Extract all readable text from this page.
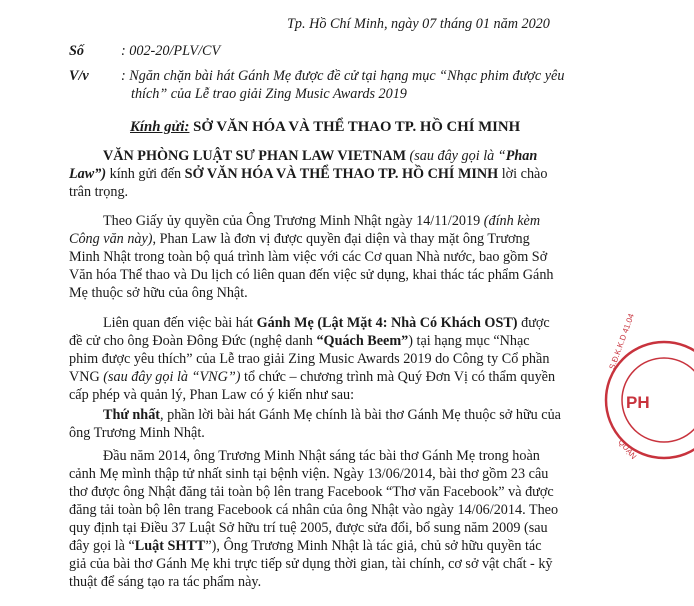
Tp. Hồ Chí Minh, ngày 07 tháng 01 năm 2020
Số	: 002-20/PLV/CV
V/v : Ngăn chặn bài hát Gánh Mẹ được đề cử tại hạng mục “Nhạc phim được yêu
thích” của Lễ trao giải Zing Music Awards 2019
Kính gửi: SỞ VĂN HÓA VÀ THỂ THAO TP. HỒ CHÍ MINH
VĂN PHÒNG LUẬT SƯ PHAN LAW VIETNAM (sau đây gọi là “Phan
Law”) kính gửi đến SỞ VĂN HÓA VÀ THỂ THAO TP. HỒ CHÍ MINH lời chào
trân trọng.
Theo Giấy ủy quyền của Ông Trương Minh Nhật ngày 14/11/2019 (đính kèm
Công văn này), Phan Law là đơn vị được quyền đại diện và thay mặt ông Trương
Minh Nhật trong toàn bộ quá trình làm việc với các Cơ quan Nhà nước, bao gồm Sở
Văn hóa Thể thao và Du lịch có liên quan đến việc sử dụng, khai thác tác phẩm Gánh
Mẹ thuộc sở hữu của ông Nhật.
Liên quan đến việc bài hát Gánh Mẹ (Lật Mặt 4: Nhà Có Khách OST) được
đề cử cho ông Đoàn Đông Đức (nghệ danh “Quách Beem”) tại hạng mục “Nhạc
phim được yêu thích” của Lễ trao giải Zing Music Awards 2019 do Công ty Cổ phần
VNG (sau đây gọi là “VNG”) tổ chức – chương trình mà Quý Đơn Vị có thẩm quyền
cấp phép và quản lý, Phan Law có ý kiến như sau:
Thứ nhất, phần lời bài hát Gánh Mẹ chính là bài thơ Gánh Mẹ thuộc sở hữu của
ông Trương Minh Nhật.
Đầu năm 2014, ông Trương Minh Nhật sáng tác bài thơ Gánh Mẹ trong hoàn
cảnh Mẹ mình thập tử nhất sinh tại bệnh viện. Ngày 13/06/2014, bài thơ gồm 23 câu
thơ được ông Nhật đăng tải toàn bộ lên trang Facebook “Thơ văn Facebook” và được
đăng tải toàn bộ lên trang Facebook cá nhân của ông Nhật vào ngày 14/06/2014. Theo
quy định tại Điều 37 Luật Sở hữu trí tuệ 2005, được sửa đổi, bổ sung năm 2009 (sau
đây gọi là “Luật SHTT”), Ông Trương Minh Nhật là tác giả, chủ sở hữu quyền tác
giả của bài thơ Gánh Mẹ khi trực tiếp sử dụng thời gian, tài chính, cơ sở vật chất - kỹ
thuật để sáng tạo ra tác phẩm này.
S.Đ.K.K.D 41.04
PH
QUẬN
